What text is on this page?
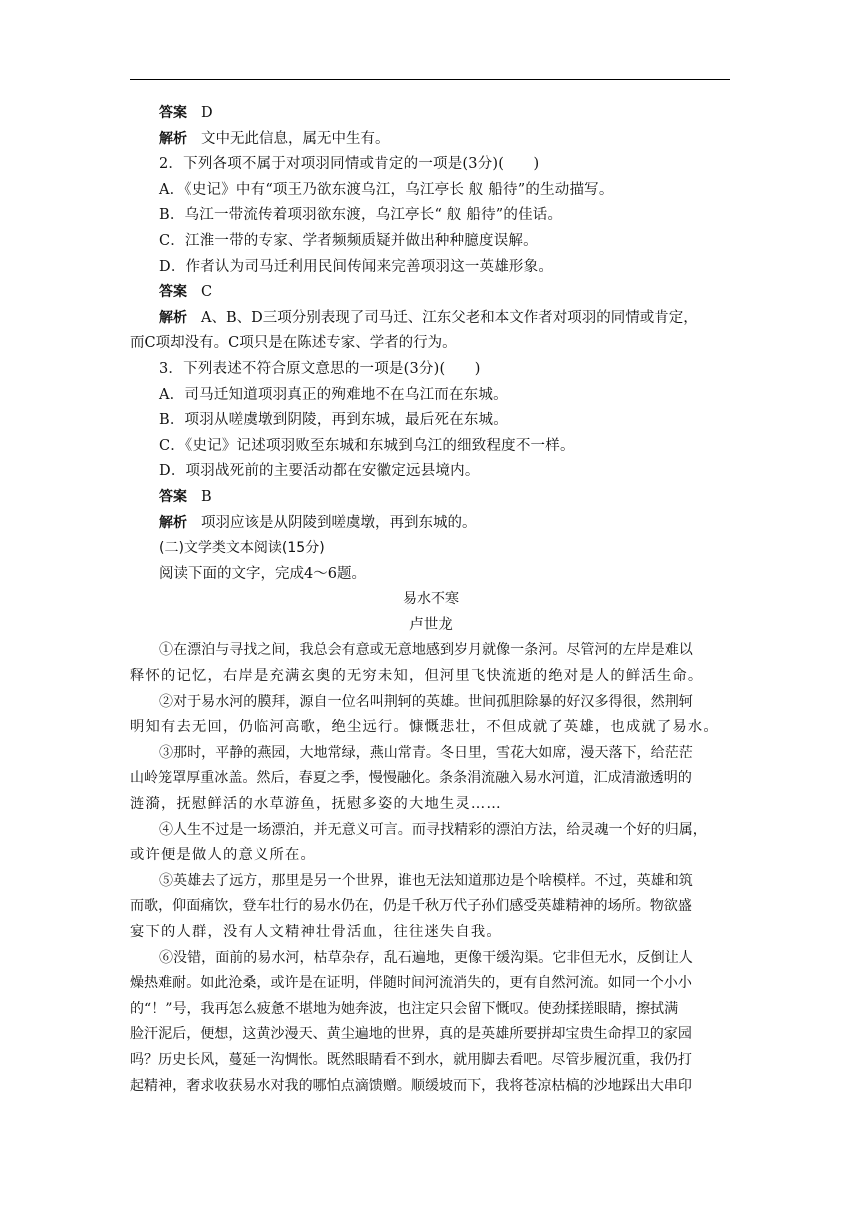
答案 D
解析 文中无此信息，属无中生有。
2．下列各项不属于对项羽同情或肯定的一项是(3分)(　　)
A．《史记》中有“项王乃欲东渡乌江，乌江亭长 舣 船待”的生动描写。
B．乌江一带流传着项羽欲东渡，乌江亭长“ 舣 船待”的佳话。
C．江淮一带的专家、学者频频质疑并做出种种臆度误解。
D．作者认为司马迁利用民间传闻来完善项羽这一英雄形象。
答案 C
解析 A、B、D三项分别表现了司马迁、江东父老和本文作者对项羽的同情或肯定，
而C项却没有。C项只是在陈述专家、学者的行为。
3．下列表述不符合原文意思的一项是(3分)(　　)
A．司马迁知道项羽真正的殉难地不在乌江而在东城。
B．项羽从嗟虞墩到阴陵，再到东城，最后死在东城。
C．《史记》记述项羽败至东城和东城到乌江的细致程度不一样。
D．项羽战死前的主要活动都在安徽定远县境内。
答案 B
解析 项羽应该是从阴陵到嗟虞墩，再到东城的。
(二)文学类文本阅读(15分)
阅读下面的文字，完成4～6题。
易水不寒
卢世龙
①在漂泊与寻找之间，我总会有意或无意地感到岁月就像一条河。尽管河的左岸是难以
释怀的记忆，右岸是充满玄奥的无穷未知，但河里飞快流逝的绝对是人的鲜活生命。
②对于易水河的膜拜，源自一位名叫荆轲的英雄。世间孤胆除暴的好汉多得很，然荆轲
明知有去无回，仍临河高歌，绝尘远行。慷慨悲壮，不但成就了英雄，也成就了易水。
③那时，平静的燕园，大地常绿，燕山常青。冬日里，雪花大如席，漫天落下，给茫茫
山岭笼罩厚重冰盖。然后，春夏之季，慢慢融化。条条涓流融入易水河道，汇成清澈透明的
涟漪，抚慰鲜活的水草游鱼，抚慰多姿的大地生灵……
④人生不过是一场漂泊，并无意义可言。而寻找精彩的漂泊方法，给灵魂一个好的归属，
或许便是做人的意义所在。
⑤英雄去了远方，那里是另一个世界，谁也无法知道那边是个啥模样。不过，英雄和筑
而歌，仰面痛饮，登车壮行的易水仍在，仍是千秋万代子孙们感受英雄精神的场所。物欲盛
宴下的人群，没有人文精神壮骨活血，往往迷失自我。
⑥没错，面前的易水河，枯草杂存，乱石遍地，更像干缓沟渠。它非但无水，反倒让人
燥热难耐。如此沧桑，或许是在证明，伴随时间河流消失的，更有自然河流。如同一个小小
的“！”号，我再怎么疲惫不堪地为她奔波，也注定只会留下慨叹。使劲揉搓眼睛，擦拭满
脸汗泥后，便想，这黄沙漫天、黄尘遍地的世界，真的是英雄所要拼却宝贵生命捍卫的家园
吗？历史长风，蔓延一沟惆怅。既然眼睛看不到水，就用脚去看吧。尽管步履沉重，我仍打
起精神，奢求收获易水对我的哪怕点滴馈赠。顺缓坡而下，我将苍凉枯槁的沙地踩出大串印
